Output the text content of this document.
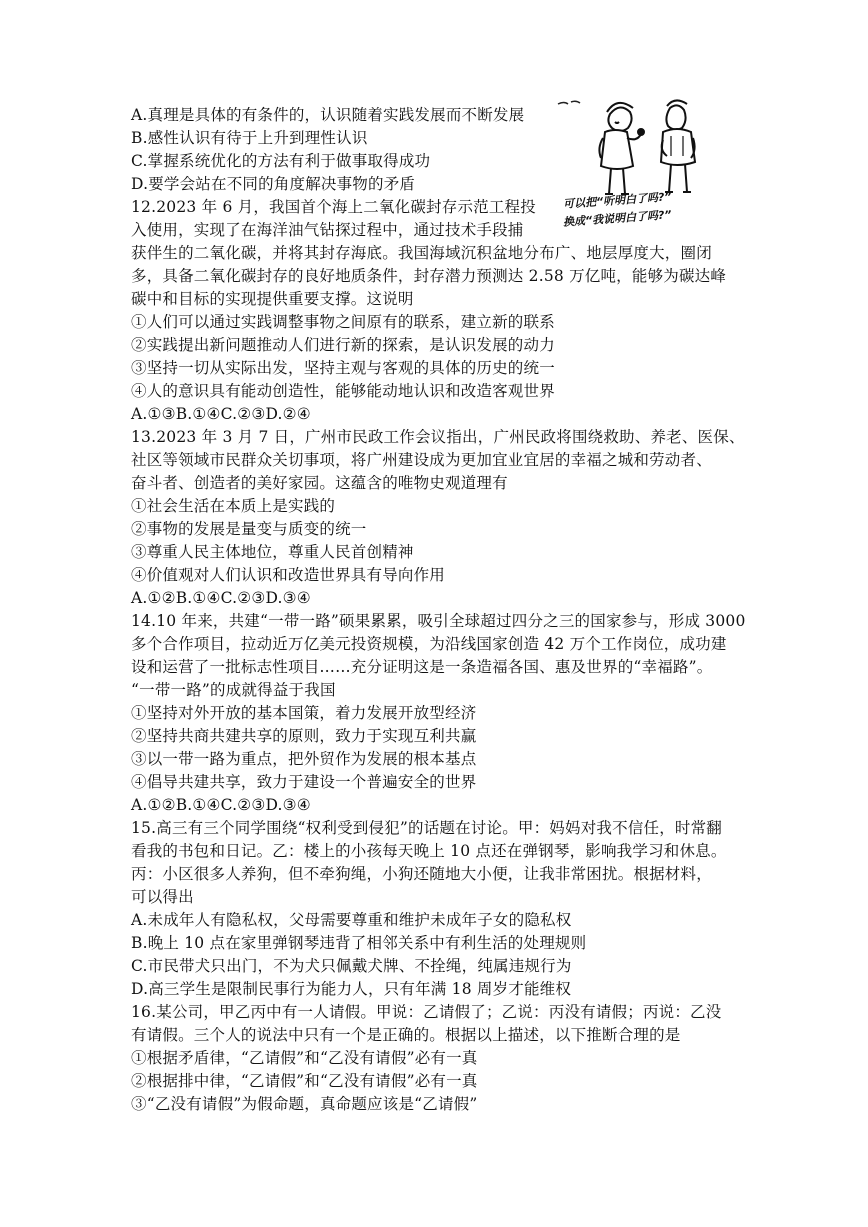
可以把“听明白了吗?”
换成“我说明白了吗?”
A.真理是具体的有条件的，认识随着实践发展而不断发展
B.感性认识有待于上升到理性认识
C.掌握系统优化的方法有利于做事取得成功
D.要学会站在不同的角度解决事物的矛盾
12.2023 年 6 月，我国首个海上二氧化碳封存示范工程投
入使用，实现了在海洋油气钻探过程中，通过技术手段捕
获伴生的二氧化碳，并将其封存海底。我国海域沉积盆地分布广、地层厚度大，圈闭
多，具备二氧化碳封存的良好地质条件，封存潜力预测达 2.58 万亿吨，能够为碳达峰
碳中和目标的实现提供重要支撑。这说明
①人们可以通过实践调整事物之间原有的联系，建立新的联系
②实践提出新问题推动人们进行新的探索，是认识发展的动力
③坚持一切从实际出发，坚持主观与客观的具体的历史的统一
④人的意识具有能动创造性，能够能动地认识和改造客观世界
A.①③B.①④C.②③D.②④
13.2023 年 3 月 7 日，广州市民政工作会议指出，广州民政将围绕救助、养老、医保、
社区等领域市民群众关切事项，将广州建设成为更加宜业宜居的幸福之城和劳动者、
奋斗者、创造者的美好家园。这蕴含的唯物史观道理有
①社会生活在本质上是实践的
②事物的发展是量变与质变的统一
③尊重人民主体地位，尊重人民首创精神
④价值观对人们认识和改造世界具有导向作用
A.①②B.①④C.②③D.③④
14.10 年来，共建“一带一路”硕果累累，吸引全球超过四分之三的国家参与，形成 3000
多个合作项目，拉动近万亿美元投资规模，为沿线国家创造 42 万个工作岗位，成功建
设和运营了一批标志性项目……充分证明这是一条造福各国、惠及世界的“幸福路”。
“一带一路”的成就得益于我国
①坚持对外开放的基本国策，着力发展开放型经济
②坚持共商共建共享的原则，致力于实现互利共赢
③以一带一路为重点，把外贸作为发展的根本基点
④倡导共建共享，致力于建设一个普遍安全的世界
A.①②B.①④C.②③D.③④
15.高三有三个同学围绕“权利受到侵犯”的话题在讨论。甲：妈妈对我不信任，时常翻
看我的书包和日记。乙：楼上的小孩每天晚上 10 点还在弹钢琴，影响我学习和休息。
丙：小区很多人养狗，但不牵狗绳，小狗还随地大小便，让我非常困扰。根据材料，
可以得出
A.未成年人有隐私权，父母需要尊重和维护未成年子女的隐私权
B.晚上 10 点在家里弹钢琴违背了相邻关系中有利生活的处理规则
C.市民带犬只出门，不为犬只佩戴犬牌、不拴绳，纯属违规行为
D.高三学生是限制民事行为能力人，只有年满 18 周岁才能维权
16.某公司，甲乙丙中有一人请假。甲说：乙请假了；乙说：丙没有请假；丙说：乙没
有请假。三个人的说法中只有一个是正确的。根据以上描述，以下推断合理的是
①根据矛盾律，“乙请假”和“乙没有请假”必有一真
②根据排中律，“乙请假”和“乙没有请假”必有一真
③“乙没有请假”为假命题，真命题应该是“乙请假”
